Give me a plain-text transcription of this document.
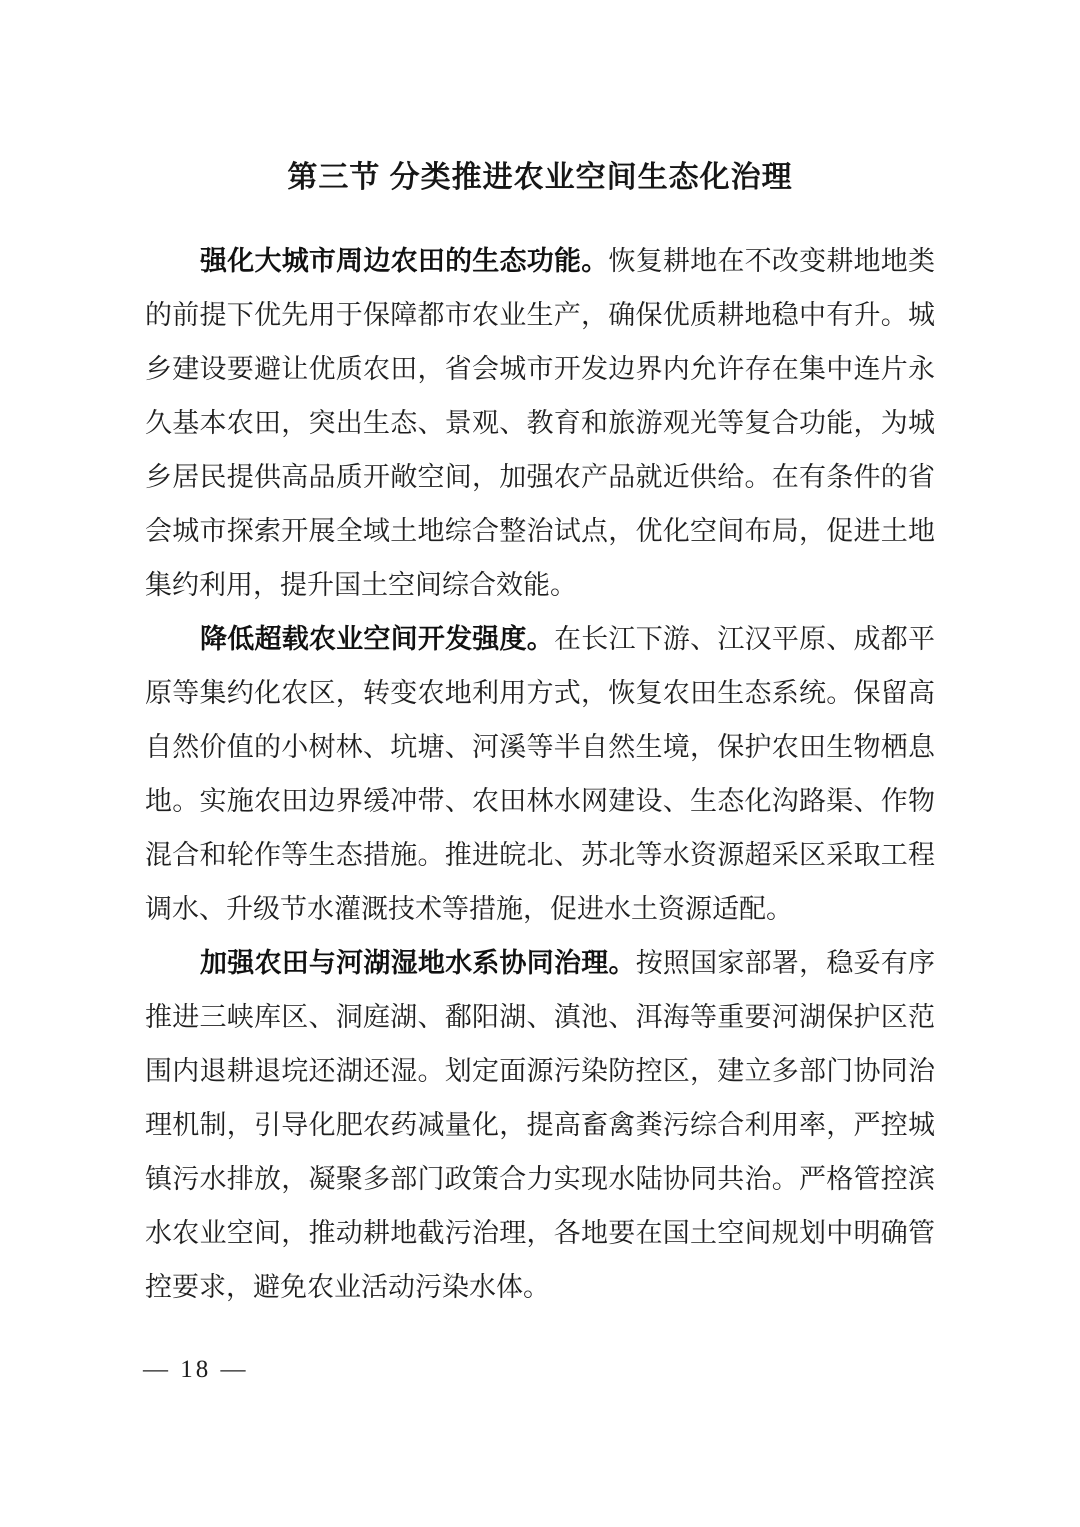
第三节 分类推进农业空间生态化治理
强化大城市周边农田的生态功能。恢复耕地在不改变耕地地类
的前提下优先用于保障都市农业生产，确保优质耕地稳中有升。城
乡建设要避让优质农田，省会城市开发边界内允许存在集中连片永
久基本农田，突出生态、景观、教育和旅游观光等复合功能，为城
乡居民提供高品质开敞空间，加强农产品就近供给。在有条件的省
会城市探索开展全域土地综合整治试点，优化空间布局，促进土地
集约利用，提升国土空间综合效能。
降低超载农业空间开发强度。在长江下游、江汉平原、成都平
原等集约化农区，转变农地利用方式，恢复农田生态系统。保留高
自然价值的小树林、坑塘、河溪等半自然生境，保护农田生物栖息
地。实施农田边界缓冲带、农田林水网建设、生态化沟路渠、作物
混合和轮作等生态措施。推进皖北、苏北等水资源超采区采取工程
调水、升级节水灌溉技术等措施，促进水土资源适配。
加强农田与河湖湿地水系协同治理。按照国家部署，稳妥有序
推进三峡库区、洞庭湖、鄱阳湖、滇池、洱海等重要河湖保护区范
围内退耕退垸还湖还湿。划定面源污染防控区，建立多部门协同治
理机制，引导化肥农药减量化，提高畜禽粪污综合利用率，严控城
镇污水排放，凝聚多部门政策合力实现水陆协同共治。严格管控滨
水农业空间，推动耕地截污治理，各地要在国土空间规划中明确管
控要求，避免农业活动污染水体。
— 18 —
